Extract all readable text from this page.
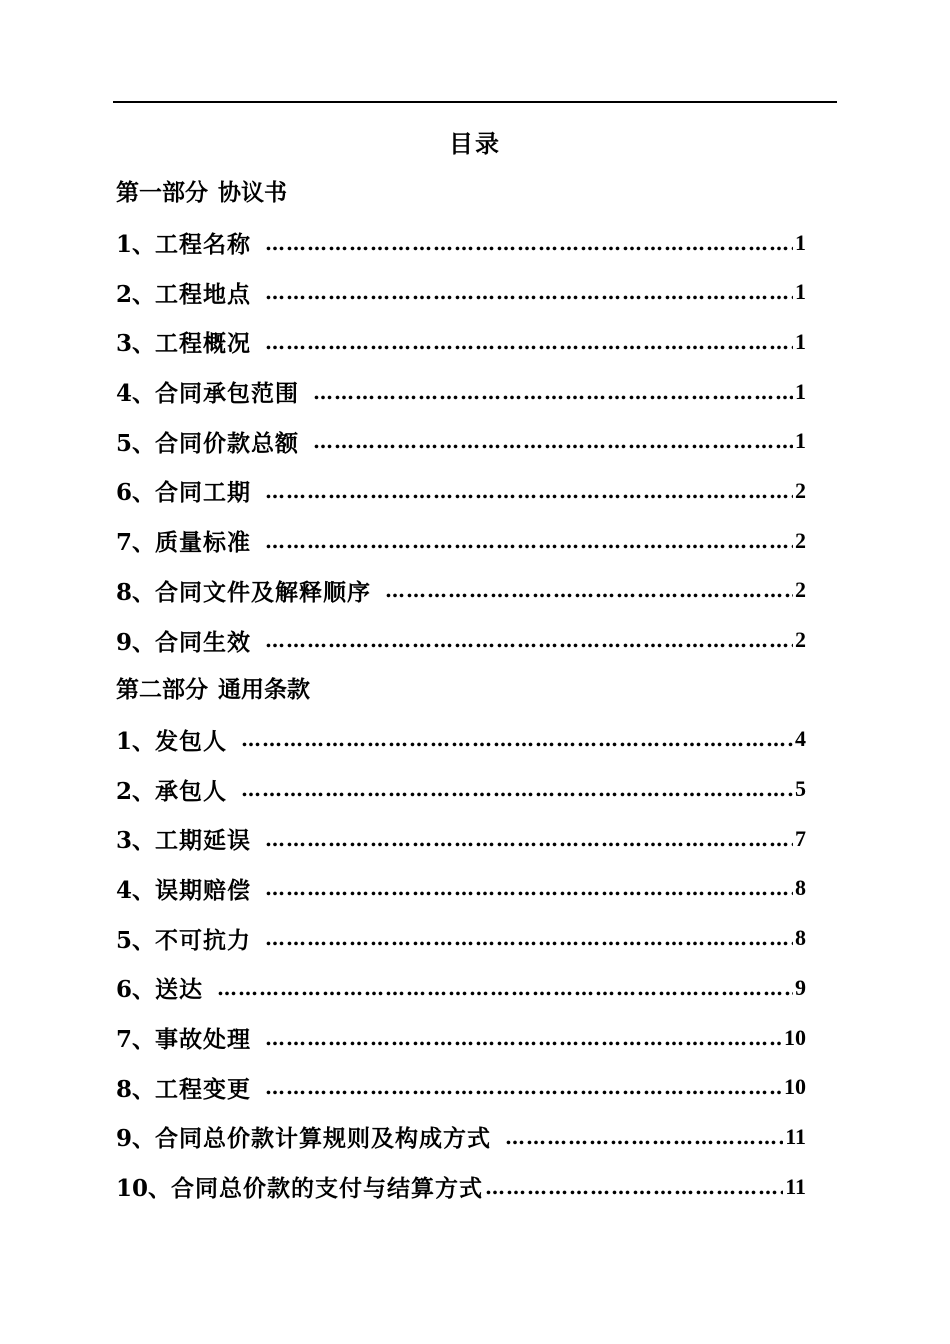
目录
第一部分 协议书
1、 工程名称 ……………………………………………………………………………………………………………………………………………………………………	1
2、 工程地点 ……………………………………………………………………………………………………………………………………………………………………	1
3、 工程概况 ……………………………………………………………………………………………………………………………………………………………………	1
4、 合同承包范围 ……………………………………………………………………………………………………………………………………………………………………	1
5、 合同价款总额 ……………………………………………………………………………………………………………………………………………………………………	1
6、 合同工期 ……………………………………………………………………………………………………………………………………………………………………	2
7、 质量标准 ……………………………………………………………………………………………………………………………………………………………………	2
8、 合同文件及解释顺序 ……………………………………………………………………………………………………………………………………………………………………	2
9、 合同生效 ……………………………………………………………………………………………………………………………………………………………………	2
第二部分 通用条款
1、 发包人 ……………………………………………………………………………………………………………………………………………………………………	4
2、 承包人 ……………………………………………………………………………………………………………………………………………………………………	5
3、 工期延误 ……………………………………………………………………………………………………………………………………………………………………	7
4、 误期赔偿 ……………………………………………………………………………………………………………………………………………………………………	8
5、 不可抗力 ……………………………………………………………………………………………………………………………………………………………………	8
6、 送达 ……………………………………………………………………………………………………………………………………………………………………	9
7、 事故处理 ……………………………………………………………………………………………………………………………………………………………………	10
8、 工程变更 ……………………………………………………………………………………………………………………………………………………………………	10
9、 合同总价款计算规则及构成方式 ……………………………………………………………………………………………………………………………………………………………………	11
10、 合同总价款的支付与结算方式 ……………………………………………………………………………………………………………………………………………………………………	11
